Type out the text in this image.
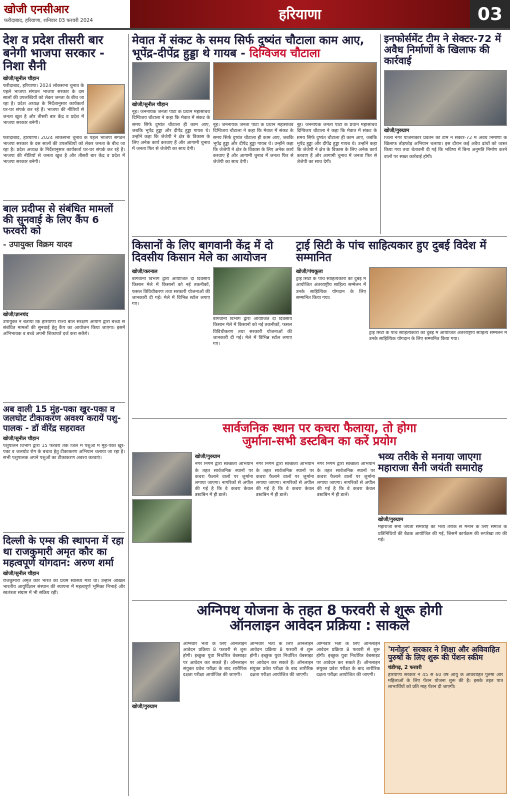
खोजी एनसीआर
फरीदाबाद, हरियाणा, शनिवार 03 फरवरी 2024	हरियाणा	03
देश व प्रदेश तीसरी बार बनेगी भाजपा सरकार - निशा सैनी
खोजी/सुनील चौहान
फरीदाबाद, हरियाणा। 2024 लोकसभा चुनाव के पहले भाजपा संगठन भाजपा सरकार के दस सालों की उपलब्धियों को लेकर जनता के बीच जा रहा है। प्रदेश अध्यक्ष के निर्देशानुसार कार्यकर्ता घर-घर संपर्क कर रहे हैं। भाजपा की नीतियों से जनता खुश है और तीसरी बार केंद्र व प्रदेश में भाजपा सरकार बनेगी।
फरीदाबाद, हरियाणा। 2024 लोकसभा चुनाव के पहले भाजपा संगठन भाजपा सरकार के दस सालों की उपलब्धियों को लेकर जनता के बीच जा रहा है। प्रदेश अध्यक्ष के निर्देशानुसार कार्यकर्ता घर-घर संपर्क कर रहे हैं। भाजपा की नीतियों से जनता खुश है और तीसरी बार केंद्र व प्रदेश में भाजपा सरकार बनेगी।
बाल प्रदीप्स से संबंधित मामलों की सुनवाई के लिए कैंप 6 फरवरी को
- उपायुक्त विक्रम यादव
खोजी/ज्ञानचंद
उपायुक्त ने बताया कि हरियाणा राज्य बाल संरक्षण आयोग द्वारा बच्चों से संबंधित मामलों की सुनवाई हेतु कैंप का आयोजन किया जाएगा। इसमें अभिभावक व बच्चे अपनी शिकायतें दर्ज करा सकेंगे।
अब वाली 15 मुंह-पका खुर-पका व जलघोट टीकाकरण अवश्य करायें पशु-पालक - डॉ वीरेंद्र सहरावत
खोजी/सुनील चौहान
पशुपालन विभाग द्वारा 15 फरवरी तक जिले में पशुओं में मुंह-पका खुर-पका व जलघोट रोग के बचाव हेतु टीकाकरण अभियान चलाया जा रहा है। सभी पशुपालक अपने पशुओं का टीकाकरण अवश्य करवाएं।
दिल्ली के एम्स की स्थापना में रहा था राजकुमारी अमृत कौर का महत्वपूर्ण योगदान: अरुण शर्मा
खोजी/सुनील चौहान
राजकुमारी अमृत कौर भारत की प्रथम स्वास्थ्य मंत्री थीं। उन्होंने अखिल भारतीय आयुर्विज्ञान संस्थान की स्थापना में महत्वपूर्ण भूमिका निभाई और स्वतंत्रता संग्राम में भी सक्रिय रहीं।
मेवात में संकट के समय सिर्फ दुष्यंत चौटाला काम आए,
भूपेंद्र-दीपेंद्र हुड्डा थे गायब - दिग्विजय चौटाला
खोजी/सुनील चौहान
नूंह। जननायक जनता पार्टी के प्रधान महासचिव दिग्विजय चौटाला ने कहा कि मेवात में संकट के समय सिर्फ दुष्यंत चौटाला ही काम आए, जबकि भूपेंद्र हुड्डा और दीपेंद्र हुड्डा गायब थे। उन्होंने कहा कि जेजेपी ने क्षेत्र के विकास के लिए अनेक कार्य करवाए हैं और आगामी चुनाव में जनता फिर से जेजेपी का साथ देगी।
नूंह। जननायक जनता पार्टी के प्रधान महासचिव दिग्विजय चौटाला ने कहा कि मेवात में संकट के समय सिर्फ दुष्यंत चौटाला ही काम आए, जबकि भूपेंद्र हुड्डा और दीपेंद्र हुड्डा गायब थे। उन्होंने कहा कि जेजेपी ने क्षेत्र के विकास के लिए अनेक कार्य करवाए हैं और आगामी चुनाव में जनता फिर से जेजेपी का साथ देगी।
नूंह। जननायक जनता पार्टी के प्रधान महासचिव दिग्विजय चौटाला ने कहा कि मेवात में संकट के समय सिर्फ दुष्यंत चौटाला ही काम आए, जबकि भूपेंद्र हुड्डा और दीपेंद्र हुड्डा गायब थे। उन्होंने कहा कि जेजेपी ने क्षेत्र के विकास के लिए अनेक कार्य करवाए हैं और आगामी चुनाव में जनता फिर से जेजेपी का साथ देगी।
इनफोर्समेंट टीम ने सेक्टर-72 में अवैध निर्माणों के खिलाफ की कार्रवाई
खोजी/गुरुग्राम
जिला नगर योजनाकार प्रवर्तन की टीम ने सेक्टर-72 में अवैध निर्माणों के खिलाफ तोड़फोड़ अभियान चलाया। इस दौरान कई अवैध ढांचों को ध्वस्त किया गया तथा चेतावनी दी गई कि भविष्य में बिना अनुमति निर्माण करने वालों पर सख्त कार्रवाई होगी।
किसानों के लिए बागवानी केंद्र में दो दिवसीय किसान मेले का आयोजन
खोजी/करनाल
बागवानी विभाग द्वारा आयोजित दो दिवसीय किसान मेले में किसानों को नई तकनीकों, फसल विविधीकरण तथा सरकारी योजनाओं की जानकारी दी गई। मेले में विभिन्न स्टॉल लगाए गए।
बागवानी विभाग द्वारा आयोजित दो दिवसीय किसान मेले में किसानों को नई तकनीकों, फसल विविधीकरण तथा सरकारी योजनाओं की जानकारी दी गई। मेले में विभिन्न स्टॉल लगाए गए।
ट्राई सिटी के पांच साहित्यकार हुए दुबई विदेश में सम्मानित
खोजी/पंचकूला
ट्राई सिटी के पांच साहित्यकारों को दुबई में आयोजित अंतरराष्ट्रीय साहित्य सम्मेलन में उनके साहित्यिक योगदान के लिए सम्मानित किया गया।
ट्राई सिटी के पांच साहित्यकारों को दुबई में आयोजित अंतरराष्ट्रीय साहित्य सम्मेलन में उनके साहित्यिक योगदान के लिए सम्मानित किया गया।
सार्वजनिक स्थान पर कचरा फैलाया, तो होगा
जुर्माना-सभी डस्टबिन का करें प्रयोग
खोजी/गुरुग्राम
नगर निगम द्वारा स्वच्छता अभियान के तहत सार्वजनिक स्थानों पर कचरा फैलाने वालों पर जुर्माना लगाया जाएगा। नागरिकों से अपील की गई है कि वे कचरा केवल डस्टबिन में ही डालें।
नगर निगम द्वारा स्वच्छता अभियान के तहत सार्वजनिक स्थानों पर कचरा फैलाने वालों पर जुर्माना लगाया जाएगा। नागरिकों से अपील की गई है कि वे कचरा केवल डस्टबिन में ही डालें।
नगर निगम द्वारा स्वच्छता अभियान के तहत सार्वजनिक स्थानों पर कचरा फैलाने वालों पर जुर्माना लगाया जाएगा। नागरिकों से अपील की गई है कि वे कचरा केवल डस्टबिन में ही डालें।
भव्य तरीके से मनाया जाएगा महाराजा सैनी जयंती समारोह
खोजी/गुरुग्राम
महाराजा सैनी जयंती समारोह को भव्य तरीके से मनाने के लिए समाज के प्रतिनिधियों की बैठक आयोजित की गई, जिसमें कार्यक्रम की रूपरेखा तय की गई।
अग्निपथ योजना के तहत 8 फरवरी से शुरू होगी
ऑनलाइन आवेदन प्रक्रिया : साकले
खोजी/गुरुग्राम
अग्निवीर भर्ती के लिए ऑनलाइन आवेदन प्रक्रिया 8 फरवरी से शुरू होगी। इच्छुक युवा निर्धारित वेबसाइट पर आवेदन कर सकते हैं। ऑनलाइन संयुक्त प्रवेश परीक्षा के बाद शारीरिक दक्षता परीक्षा आयोजित की जाएगी।
अग्निवीर भर्ती के लिए ऑनलाइन आवेदन प्रक्रिया 8 फरवरी से शुरू होगी। इच्छुक युवा निर्धारित वेबसाइट पर आवेदन कर सकते हैं। ऑनलाइन संयुक्त प्रवेश परीक्षा के बाद शारीरिक दक्षता परीक्षा आयोजित की जाएगी।
अग्निवीर भर्ती के लिए ऑनलाइन आवेदन प्रक्रिया 8 फरवरी से शुरू होगी। इच्छुक युवा निर्धारित वेबसाइट पर आवेदन कर सकते हैं। ऑनलाइन संयुक्त प्रवेश परीक्षा के बाद शारीरिक दक्षता परीक्षा आयोजित की जाएगी।
'मनोहर' सरकार ने शिक्षा और अविवाहित पुरुषों के लिए शुरू की पेंशन स्कीम
चंडीगढ़, 2 फरवरी
हरियाणा सरकार ने 45 से 60 वर्ष आयु के अविवाहित पुरुषों और महिलाओं के लिए पेंशन योजना शुरू की है। इसके तहत पात्र लाभार्थियों को प्रति माह पेंशन दी जाएगी।
